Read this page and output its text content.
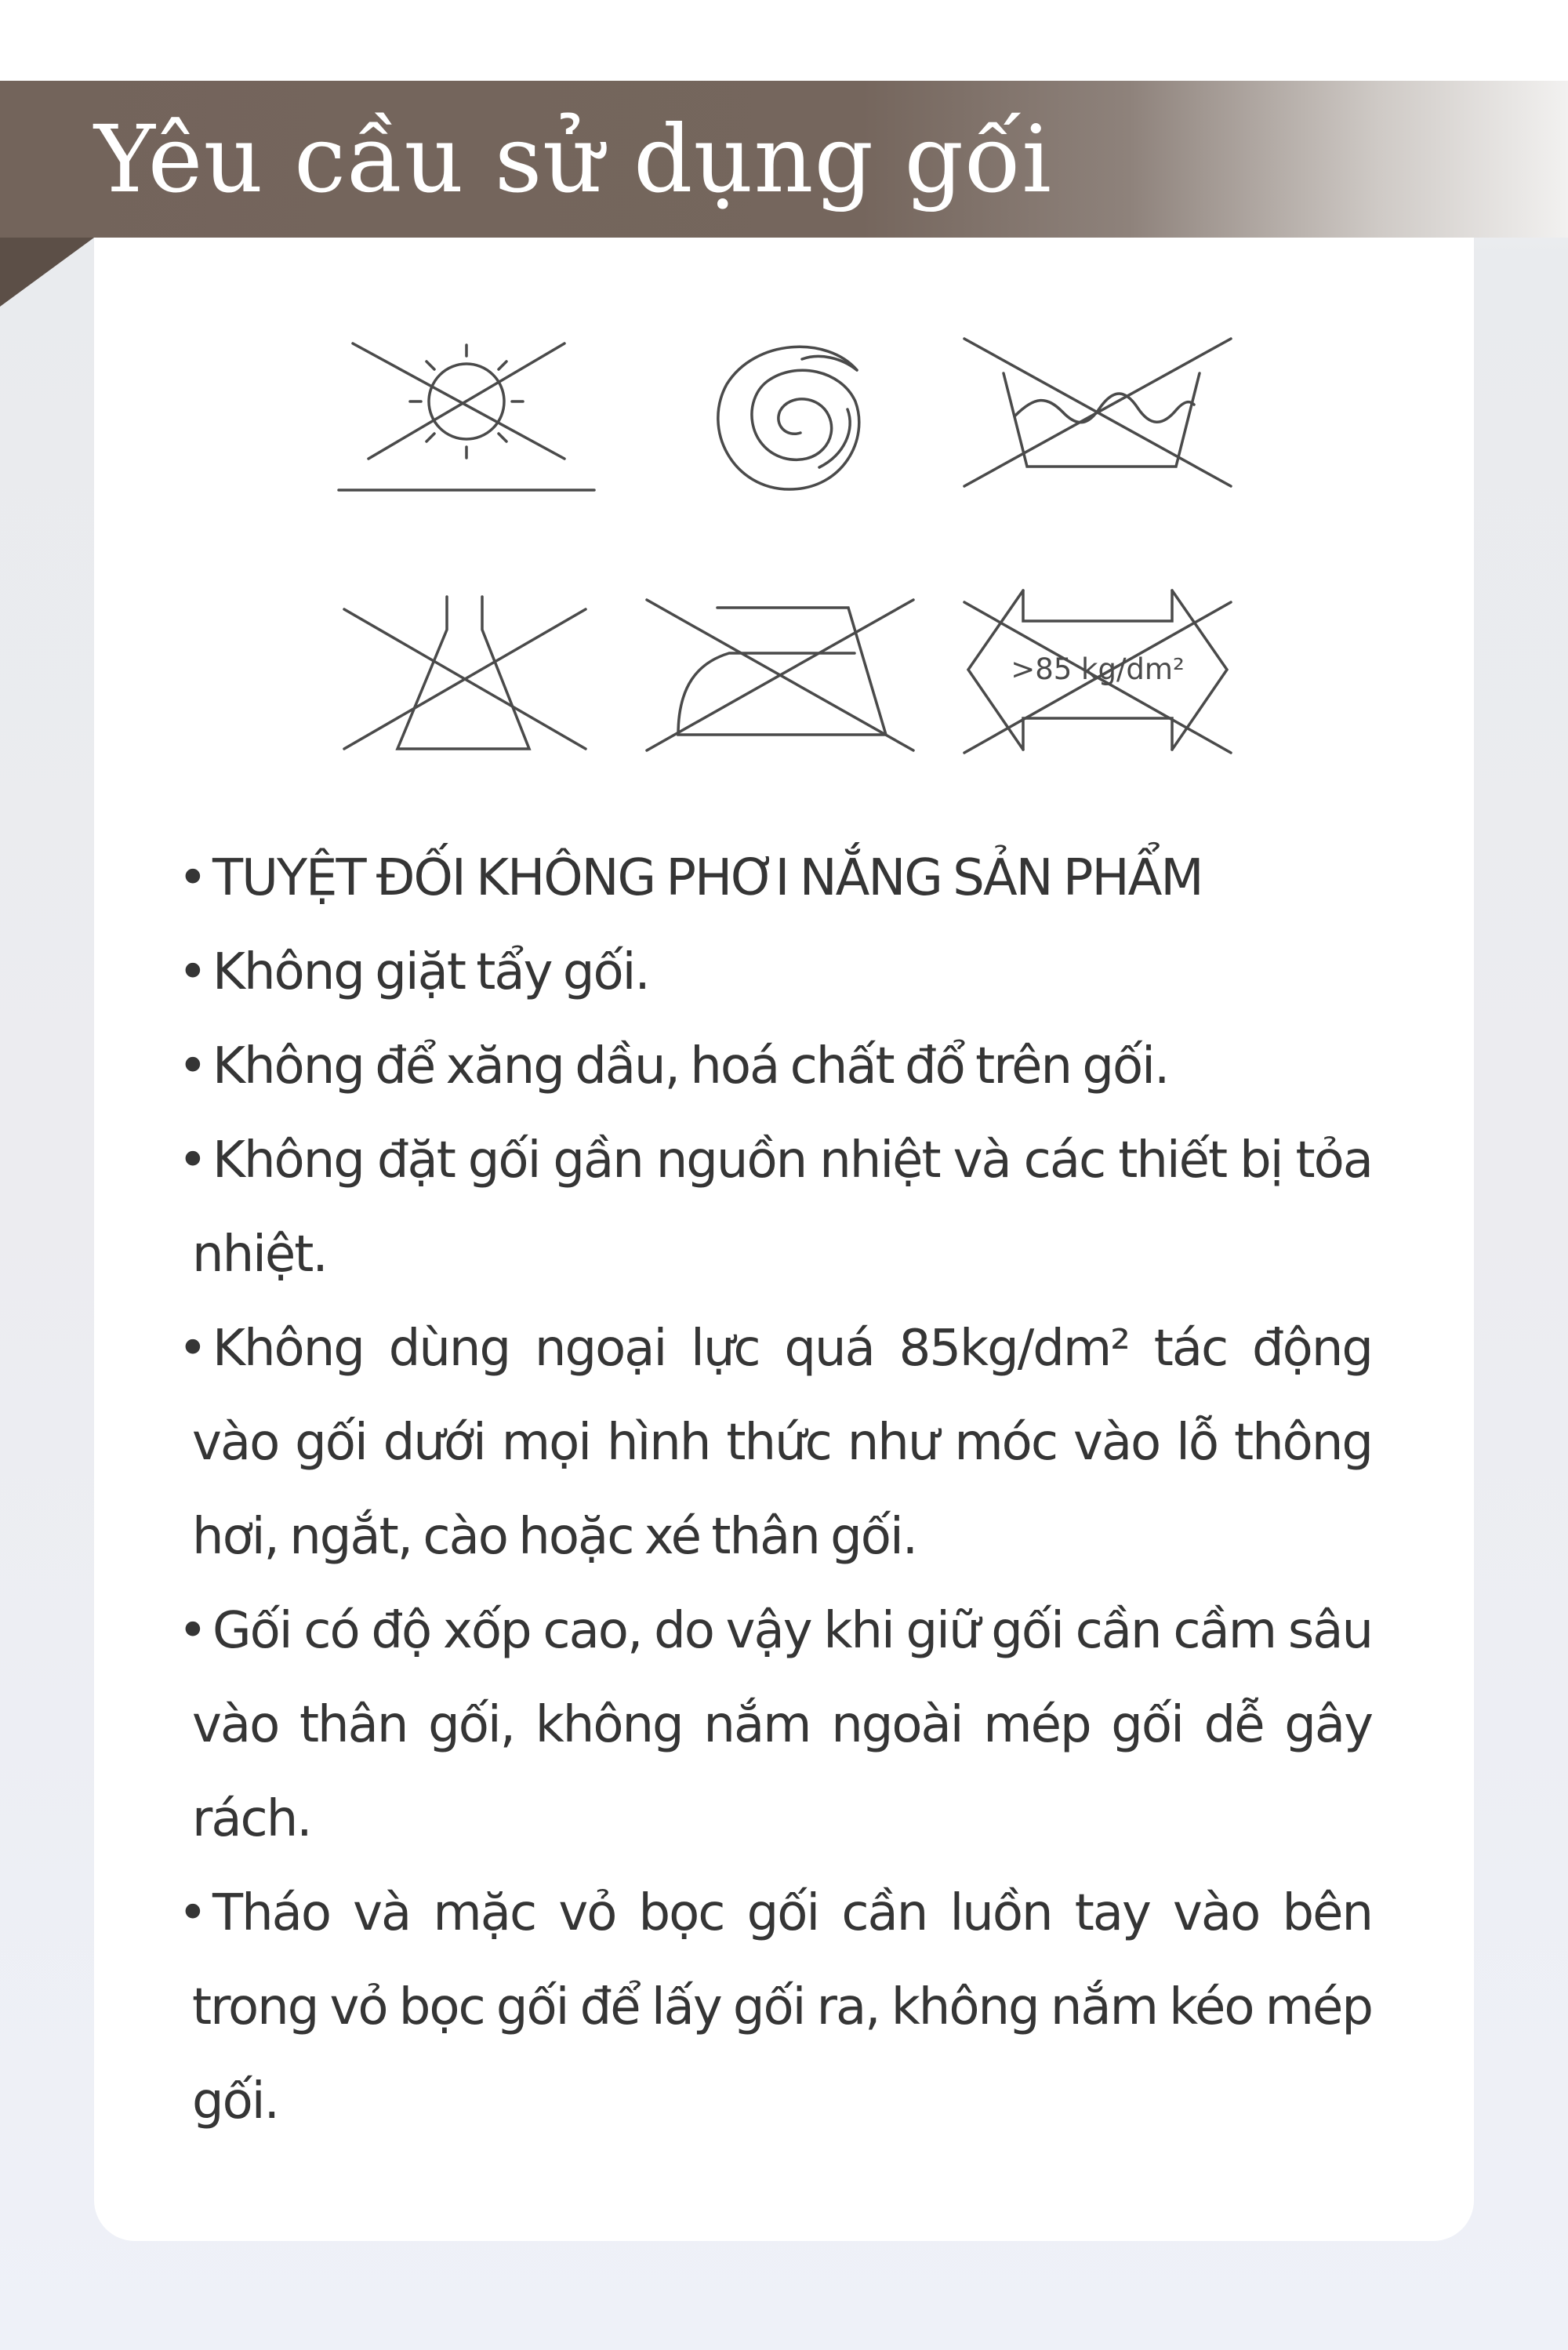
Yêu cầu sử dụng gối
>85 kg/dm²
• TUYỆT ĐỐI KHÔNG PHƠI NẮNG SẢN PHẨM
• Không giặt tẩy gối.
• Không để xăng dầu, hoá chất đổ trên gối.
• Không đặt gối gần nguồn nhiệt và các thiết bị tỏa nhiệt.
• Không dùng ngoại lực quá 85kg/dm² tác động vào gối dưới mọi hình thức như móc vào lỗ thông hơi, ngắt, cào hoặc xé thân gối.
• Gối có độ xốp cao, do vậy khi giữ gối cần cầm sâu vào thân gối, không nắm ngoài mép gối dễ gây rách.
• Tháo và mặc vỏ bọc gối cần luồn tay vào bên trong vỏ bọc gối để lấy gối ra, không nắm kéo mép gối.
